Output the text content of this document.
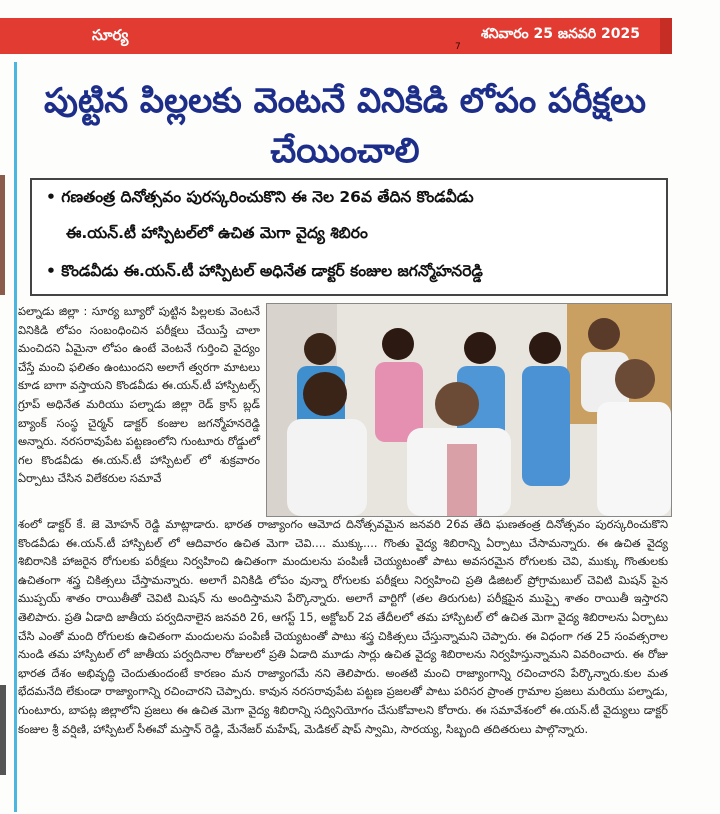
సూర్య
7
శనివారం 25 జనవరి 2025
పుట్టిన పిల్లలకు వెంటనే వినికిడి లోపం పరీక్షలు చేయించాలి
• గణతంత్ర దినోత్సవం పురస్కరించుకొని ఈ నెల 26వ తేదిన కొండవీడు
ఈ.యన్.టీ హాస్పిటల్‌లో ఉచిత మెగా వైద్య శిబిరం
• కొండవీడు ఈ.యన్.టీ హాస్పిటల్ అధినేత డాక్టర్ కంజుల జగన్మోహనరెడ్డి
పల్నాడు జిల్లా : సూర్య బ్యూరో పుట్టిన పిల్లలకు వెంటనే వినికిడి లోపం సంబంధించిన పరీక్షలు చేయిస్తే చాలా మంచిదని ఏమైనా లోపం ఉంటే వెంటనే గుర్తించి వైద్యం చేస్తే మంచి ఫలితం ఉంటుందని అలాగే త్వరగా మాటలు కూడ బాగా వస్తాయని కొండవీడు ఈ.యన్.టీ హాస్పిటల్స్ గ్రూప్ అధినేత మరియు పల్నాడు జిల్లా రెడ్ క్రాస్ బ్లడ్ బ్యాంక్ సంస్థ చైర్మన్ డాక్టర్ కంజుల జగన్మోహనరెడ్డి అన్నారు. నరసరావుపేట పట్టణంలోని గుంటూరు రోడ్డులో గల కొండవీడు ఈ.యన్.టీ హాస్పిటల్ లో శుక్రవారం ఏర్పాటు చేసిన విలేకరుల సమావే
శంలో డాక్టర్ కే. జె మోహన్ రెడ్డి మాట్లాడారు. భారత రాజ్యాంగం ఆమోద దినోత్సవమైన జనవరి 26వ తేది ఘణతంత్ర దినోత్సవం పురస్కరించుకొని కొండవీడు ఈ.యన్.టీ హాస్పిటల్ లో ఆదివారం ఉచిత మెగా చెవి.... ముక్కు.... గొంతు వైద్య శిబిరాన్ని ఏర్పాటు చేసామన్నారు. ఈ ఉచిత వైద్య శిబిరానికి హాజరైన రోగులకు పరీక్షలు నిర్వహించి ఉచితంగా మందులను పంపిణీ చెయ్యటంతో పాటు అవసరమైన రోగులకు చెవి, ముక్కు గొంతులకు ఉచితంగా శస్త్ర చికిత్సలు చేస్తామన్నారు. అలాగే వినికిడి లోపం వున్నా రోగులకు పరీక్షలు నిర్వహించి ప్రతి డిజిటల్ ప్రోగ్రామబుల్ చెవిటి మిషన్ పైన ముప్పయ్ శాతం రాయితీతో చెవిటి మిషన్ ను అందిస్తామని పేర్కొన్నారు. అలాగే వార్టిగో (తల తిరుగుట) పరీక్షపైన ముప్పై శాతం రాయితీ ఇస్తారని తెలిపారు. ప్రతి ఏడాది జాతీయ పర్వదినాలైన జనవరి 26, ఆగస్ట్ 15, అక్టోబర్ 2వ తేదీలలో తమ హాస్పిటల్ లో ఉచిత మెగా వైద్య శిబిరాలను ఏర్పాటు చేసి ఎంతో మంది రోగులకు ఉచితంగా మందులను పంపిణీ చెయ్యటంతో పాటు శస్త్ర చికిత్సలు చేస్తున్నామని చెప్పారు. ఈ విధంగా గత 25 సంవత్సరాల నుండి తమ హాస్పిటల్ లో జాతీయ పర్వదినాల రోజులలో ప్రతి ఏడాది మూడు సార్లు ఉచిత వైద్య శిబిరాలను నిర్వహిస్తున్నామని వివరించారు. ఈ రోజు భారత దేశం అభివృద్ధి చెందుతుందంటే కారణం మన రాజ్యాంగమే నని తెలిపారు. అంతటి మంచి రాజ్యాంగాన్ని రచించారని పేర్కొన్నారు.కుల మత భేదమనేది లేకుండా రాజ్యాంగాన్ని రచించారని చెప్పారు. కావున నరసరావుపేట పట్టణ ప్రజలతో పాటు పరిసర ప్రాంత గ్రామాల ప్రజలు మరియు పల్నాడు, గుంటూరు, బాపట్ల జిల్లాలోని ప్రజలు ఈ ఉచిత మెగా వైద్య శిబిరాన్ని సద్వినియోగం చేసుకోవాలని కోరారు. ఈ సమావేశంలో ఈ.యన్.టీ వైద్యులు డాక్టర్ కంజుల శ్రీ వర్షిణి, హాస్పిటల్ సీఈవో మస్తాన్ రెడ్డి, మేనేజర్ మహేష్, మెడికల్ షాప్ స్వామి, సారయ్య, సిబ్బంది తదితరులు పాల్గొన్నారు.
